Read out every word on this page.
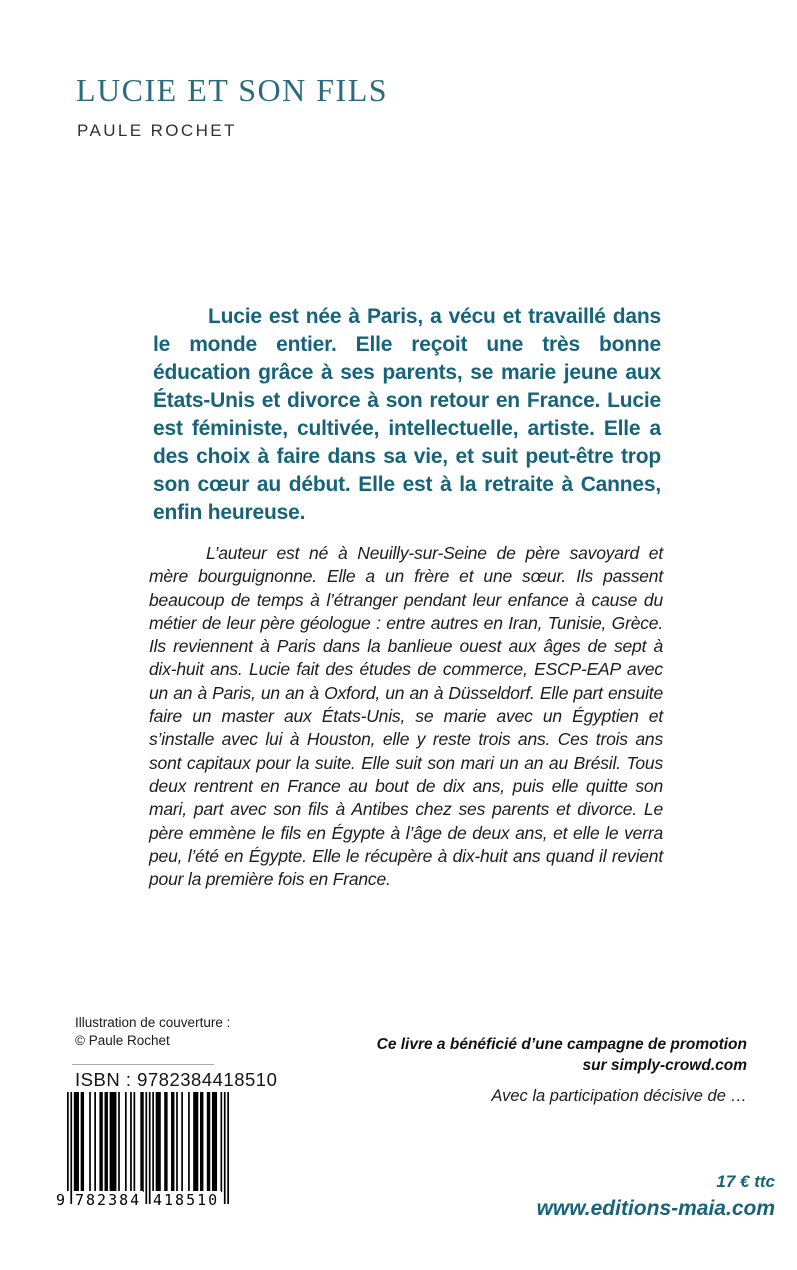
LUCIE ET SON FILS
PAULE ROCHET
Lucie est née à Paris, a vécu et travaillé dans le monde entier. Elle reçoit une très bonne éducation grâce à ses parents, se marie jeune aux États-Unis et divorce à son retour en France. Lucie est féministe, cultivée, intellectuelle, artiste. Elle a des choix à faire dans sa vie, et suit peut-être trop son cœur au début. Elle est à la retraite à Cannes, enfin heureuse.
L’auteur est né à Neuilly-sur-Seine de père savoyard et mère bourguignonne. Elle a un frère et une sœur. Ils passent beaucoup de temps à l’étranger pendant leur enfance à cause du métier de leur père géologue : entre autres en Iran, Tunisie, Grèce. Ils reviennent à Paris dans la banlieue ouest aux âges de sept à dix-huit ans. Lucie fait des études de commerce, ESCP-EAP avec un an à Paris, un an à Oxford, un an à Düsseldorf. Elle part ensuite faire un master aux États-Unis, se marie avec un Égyptien et s’installe avec lui à Houston, elle y reste trois ans. Ces trois ans sont capitaux pour la suite. Elle suit son mari un an au Brésil. Tous deux rentrent en France au bout de dix ans, puis elle quitte son mari, part avec son fils à Antibes chez ses parents et divorce. Le père emmène le fils en Égypte à l’âge de deux ans, et elle le verra peu, l’été en Égypte. Elle le récupère à dix-huit ans quand il revient pour la première fois en France.
Illustration de couverture :
© Paule Rochet
ISBN : 9782384418510
9 782384 418510
Ce livre a bénéficié d’une campagne de promotion
sur simply-crowd.com
Avec la participation décisive de …
17 € ttc
www.editions-maia.com
